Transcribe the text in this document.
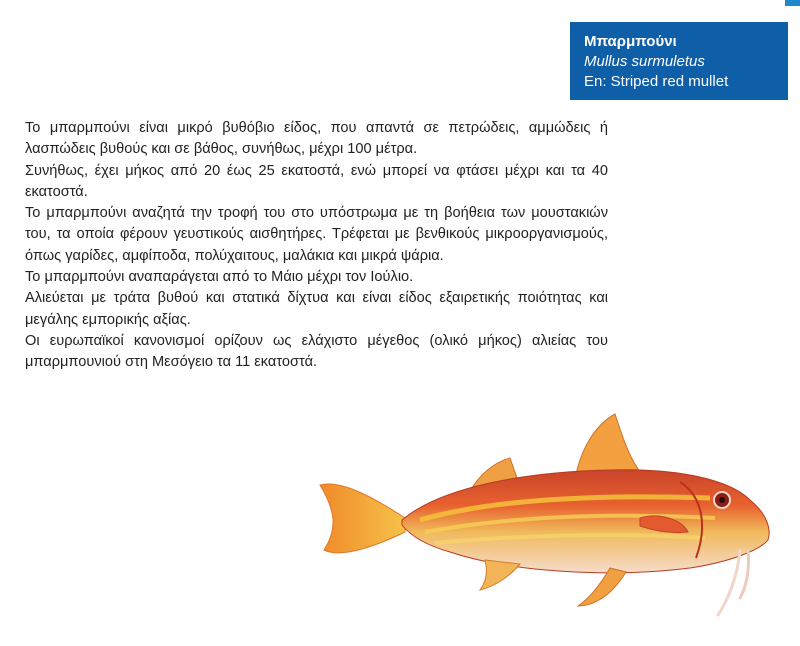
Μπαρμπούνι
Mullus surmuletus
En: Striped red mullet

Το μπαρμπούνι είναι μικρό βυθόβιο είδος, που απαντά σε πετρώδεις, αμμώδεις ή λασπώδεις βυθούς και σε βάθος, συνήθως, μέχρι 100 μέτρα.

Συνήθως, έχει μήκος από 20 έως 25 εκατοστά, ενώ μπορεί να φτάσει μέχρι και τα 40 εκατοστά.

Το μπαρμπούνι αναζητά την τροφή του στο υπόστρωμα με τη βοήθεια των μουστακιών του, τα οποία φέρουν γευστικούς αισθητήρες. Τρέφεται με βενθικούς μικροοργανισμούς, όπως γαρίδες, αμφίποδα, πολύχαιτους, μαλάκια και μικρά ψάρια.

Το μπαρμπούνι αναπαράγεται από το Μάιο μέχρι τον Ιούλιο.

Αλιεύεται με τράτα βυθού και στατικά δίχτυα και είναι είδος εξαιρετικής ποιότητας και μεγάλης εμπορικής αξίας.

Οι ευρωπαϊκοί κανονισμοί ορίζουν ως ελάχιστο μέγεθος (ολικό μήκος) αλιείας του μπαρμπουνιού στη Μεσόγειο τα 11 εκατοστά.
